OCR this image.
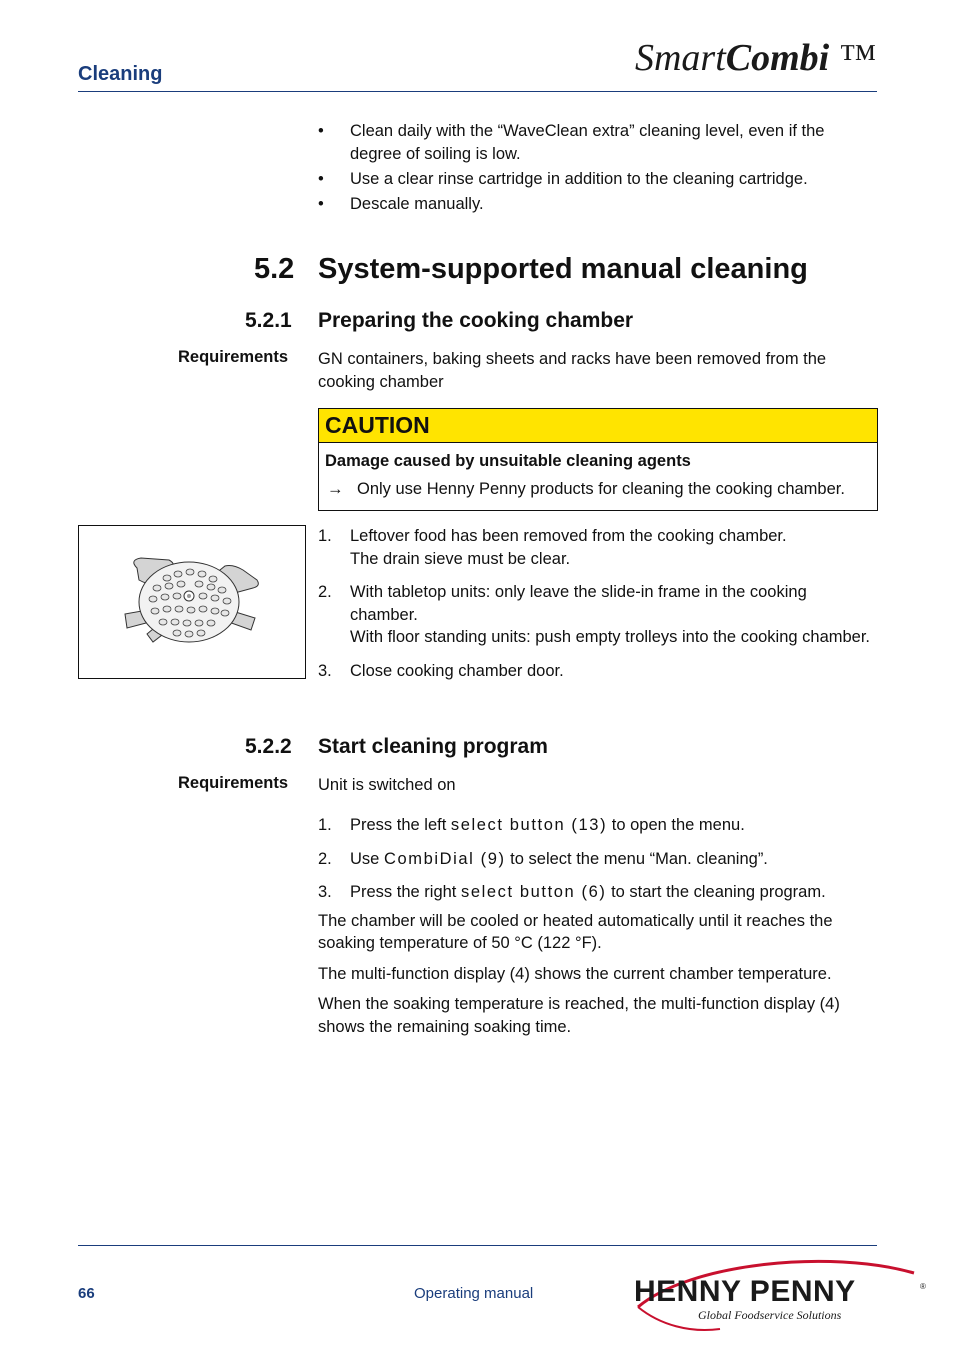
Cleaning	SmartCombi ™
• Clean daily with the “WaveClean extra” cleaning level, even if the degree of soiling is low.
• Use a clear rinse cartridge in addition to the cleaning cartridge.
• Descale manually.
5.2 System-supported manual cleaning
5.2.1 Preparing the cooking chamber
Requirements GN containers, baking sheets and racks have been removed from the cooking chamber
CAUTION
Damage caused by unsuitable cleaning agents
→ Only use Henny Penny products for cleaning the cooking chamber.
1. Leftover food has been removed from the cooking chamber.
The drain sieve must be clear.
2. With tabletop units: only leave the slide-in frame in the cooking chamber.
With floor standing units: push empty trolleys into the cooking chamber.
3. Close cooking chamber door.
5.2.2 Start cleaning program
Requirements Unit is switched on
1. Press the left select button (13) to open the menu.
2. Use CombiDial (9) to select the menu “Man. cleaning”.
3. Press the right select button (6) to start the cleaning program.
The chamber will be cooled or heated automatically until it reaches the soaking temperature of 50 °C (122 °F).
The multi-function display (4) shows the current chamber temperature.
When the soaking temperature is reached, the multi-function display (4) shows the remaining soaking time.
66	Operating manual	HENNY PENNY	®
Global Foodservice Solutions
